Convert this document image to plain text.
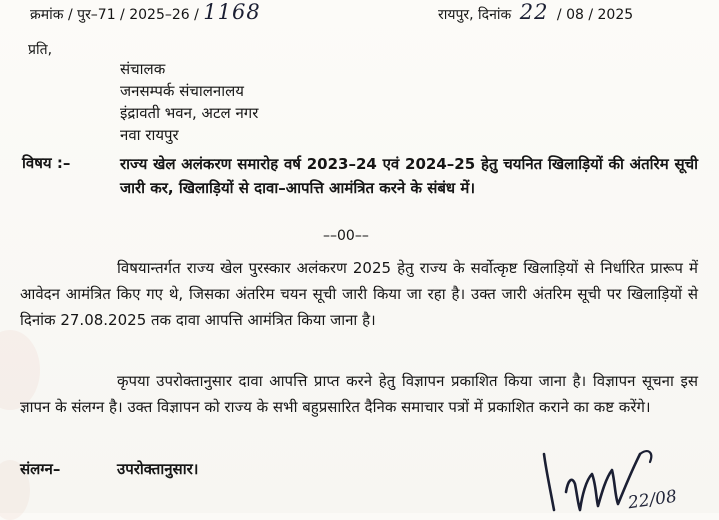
क्रमांक / पुर–71 / 2025–26 / 1168	रायपुर, दिनांक 22 / 08 / 2025
प्रति,
संचालक
जनसम्पर्क संचालनालय
इंद्रावती भवन, अटल नगर
नवा रायपुर
विषय :–	राज्य खेल अलंकरण समारोह वर्ष 2023–24 एवं 2024–25 हेतु चयनित खिलाड़ियों की अंतरिम सूची जारी कर, खिलाड़ियों से दावा–आपत्ति आमंत्रित करने के संबंध में।
––00––
विषयान्तर्गत राज्य खेल पुरस्कार अलंकरण 2025 हेतु राज्य के सर्वोत्कृष्ट खिलाड़ियों से निर्धारित प्रारूप में आवेदन आमंत्रित किए गए थे, जिसका अंतरिम चयन सूची जारी किया जा रहा है। उक्त जारी अंतरिम सूची पर खिलाड़ियों से दिनांक 27.08.2025 तक दावा आपत्ति आमंत्रित किया जाना है।
कृपया उपरोक्तानुसार दावा आपत्ति प्राप्त करने हेतु विज्ञापन प्रकाशित किया जाना है। विज्ञापन सूचना इस ज्ञापन के संलग्न है। उक्त विज्ञापन को राज्य के सभी बहुप्रसारित दैनिक समाचार पत्रों में प्रकाशित कराने का कष्ट करेंगे।
संलग्न–	उपरोक्तानुसार।
22/08
